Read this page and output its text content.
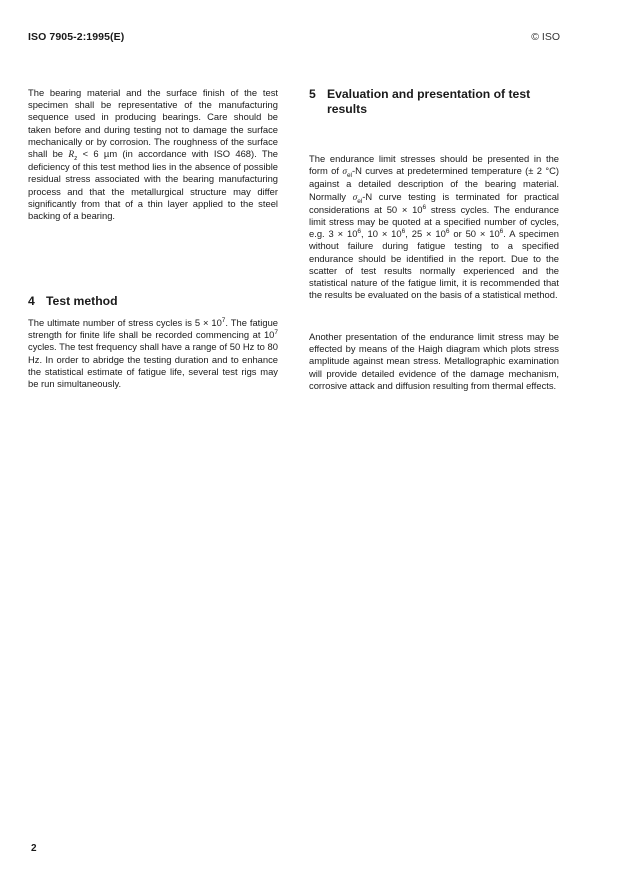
ISO 7905-2:1995(E)	© ISO

The bearing material and the surface finish of the test specimen shall be representative of the manufacturing sequence used in producing bearings. Care should be taken before and during testing not to damage the surface mechanically or by corrosion. The roughness of the surface shall be $R_z < 6$ µm (in accordance with ISO 468). The deficiency of this test method lies in the absence of possible residual stress associated with the bearing manufacturing process and that the metallurgical structure may differ significantly from that of a thin layer applied to the steel backing of a bearing.

4 Test method

The ultimate number of stress cycles is $5 \times 10^7$. The fatigue strength for finite life shall be recorded commencing at $10^7$ cycles. The test frequency shall have a range of 50 Hz to 80 Hz. In order to abridge the testing duration and to enhance the statistical estimate of fatigue life, several test rigs may be run simultaneously.

5 Evaluation and presentation of test results

The endurance limit stresses should be presented in the form of $\sigma_{el}-N$ curves at predetermined temperature (± 2 °C) against a detailed description of the bearing material. Normally $\sigma_{el}-N$ curve testing is terminated for practical considerations at $50 \times 10^6$ stress cycles. The endurance limit stress may be quoted at a specified number of cycles, e.g. $3 \times 10^6$, $10 \times 10^6$, $25 \times 10^6$ or $50 \times 10^6$. A specimen without failure during fatigue testing to a specified endurance should be identified in the report. Due to the scatter of test results normally experienced and the statistical nature of the fatigue limit, it is recommended that the results be evaluated on the basis of a statistical method.

Another presentation of the endurance limit stress may be effected by means of the Haigh diagram which plots stress amplitude against mean stress. Metallographic examination will provide detailed evidence of the damage mechanism, corrosive attack and diffusion resulting from thermal effects.

2
